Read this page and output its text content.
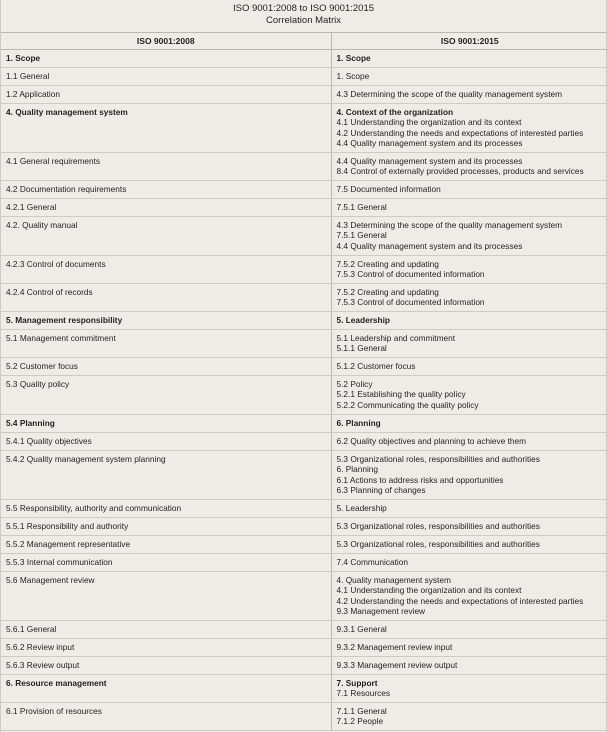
ISO 9001:2008 to ISO 9001:2015
Correlation Matrix
ISO 9001:2008	ISO 9001:2015

1. Scope	1. Scope

1.1 General	1. Scope

1.2 Application	4.3 Determining the scope of the quality management system

4. Quality management system	4. Context of the organization
4.1 Understanding the organization and its context
4.2 Understanding the needs and expectations of interested parties
4.4 Quality management system and its processes

4.1 General requirements	4.4 Quality management system and its processes
8.4 Control of externally provided processes, products and services

4.2 Documentation requirements	7.5 Documented information

4.2.1 General	7.5.1 General

4.2. Quality manual	4.3 Determining the scope of the quality management system
7.5.1 General
4.4 Quality management system and its processes

4.2.3 Control of documents	7.5.2 Creating and updating
7.5.3 Control of documented information

4.2.4 Control of records	7.5.2 Creating and updating
7.5.3 Control of documented information

5. Management responsibility	5. Leadership

5.1 Management commitment	5.1 Leadership and commitment
5.1.1 General

5.2 Customer focus	5.1.2 Customer focus

5.3 Quality policy	5.2 Policy
5.2.1 Establishing the quality policy
5.2.2 Communicating the quality policy

5.4 Planning	6. Planning

5.4.1 Quality objectives	6.2 Quality objectives and planning to achieve them

5.4.2 Quality management system planning	5.3 Organizational roles, responsibilities and authorities
6. Planning
6.1 Actions to address risks and opportunities
6.3 Planning of changes

5.5 Responsibility, authority and communication	5. Leadership

5.5.1 Responsibility and authority	5.3 Organizational roles, responsibilities and authorities

5.5.2 Management representative	5.3 Organizational roles, responsibilities and authorities

5.5.3 Internal communication	7.4 Communication

5.6 Management review	4. Quality management system
4.1 Understanding the organization and its context
4.2 Understanding the needs and expectations of interested parties
9.3 Management review

5.6.1 General	9.3.1 General

5.6.2 Review input	9.3.2 Management review input

5.6.3 Review output	9.3.3 Management review output

6. Resource management	7. Support
7.1 Resources

6.1 Provision of resources	7.1.1 General
7.1.2 People
